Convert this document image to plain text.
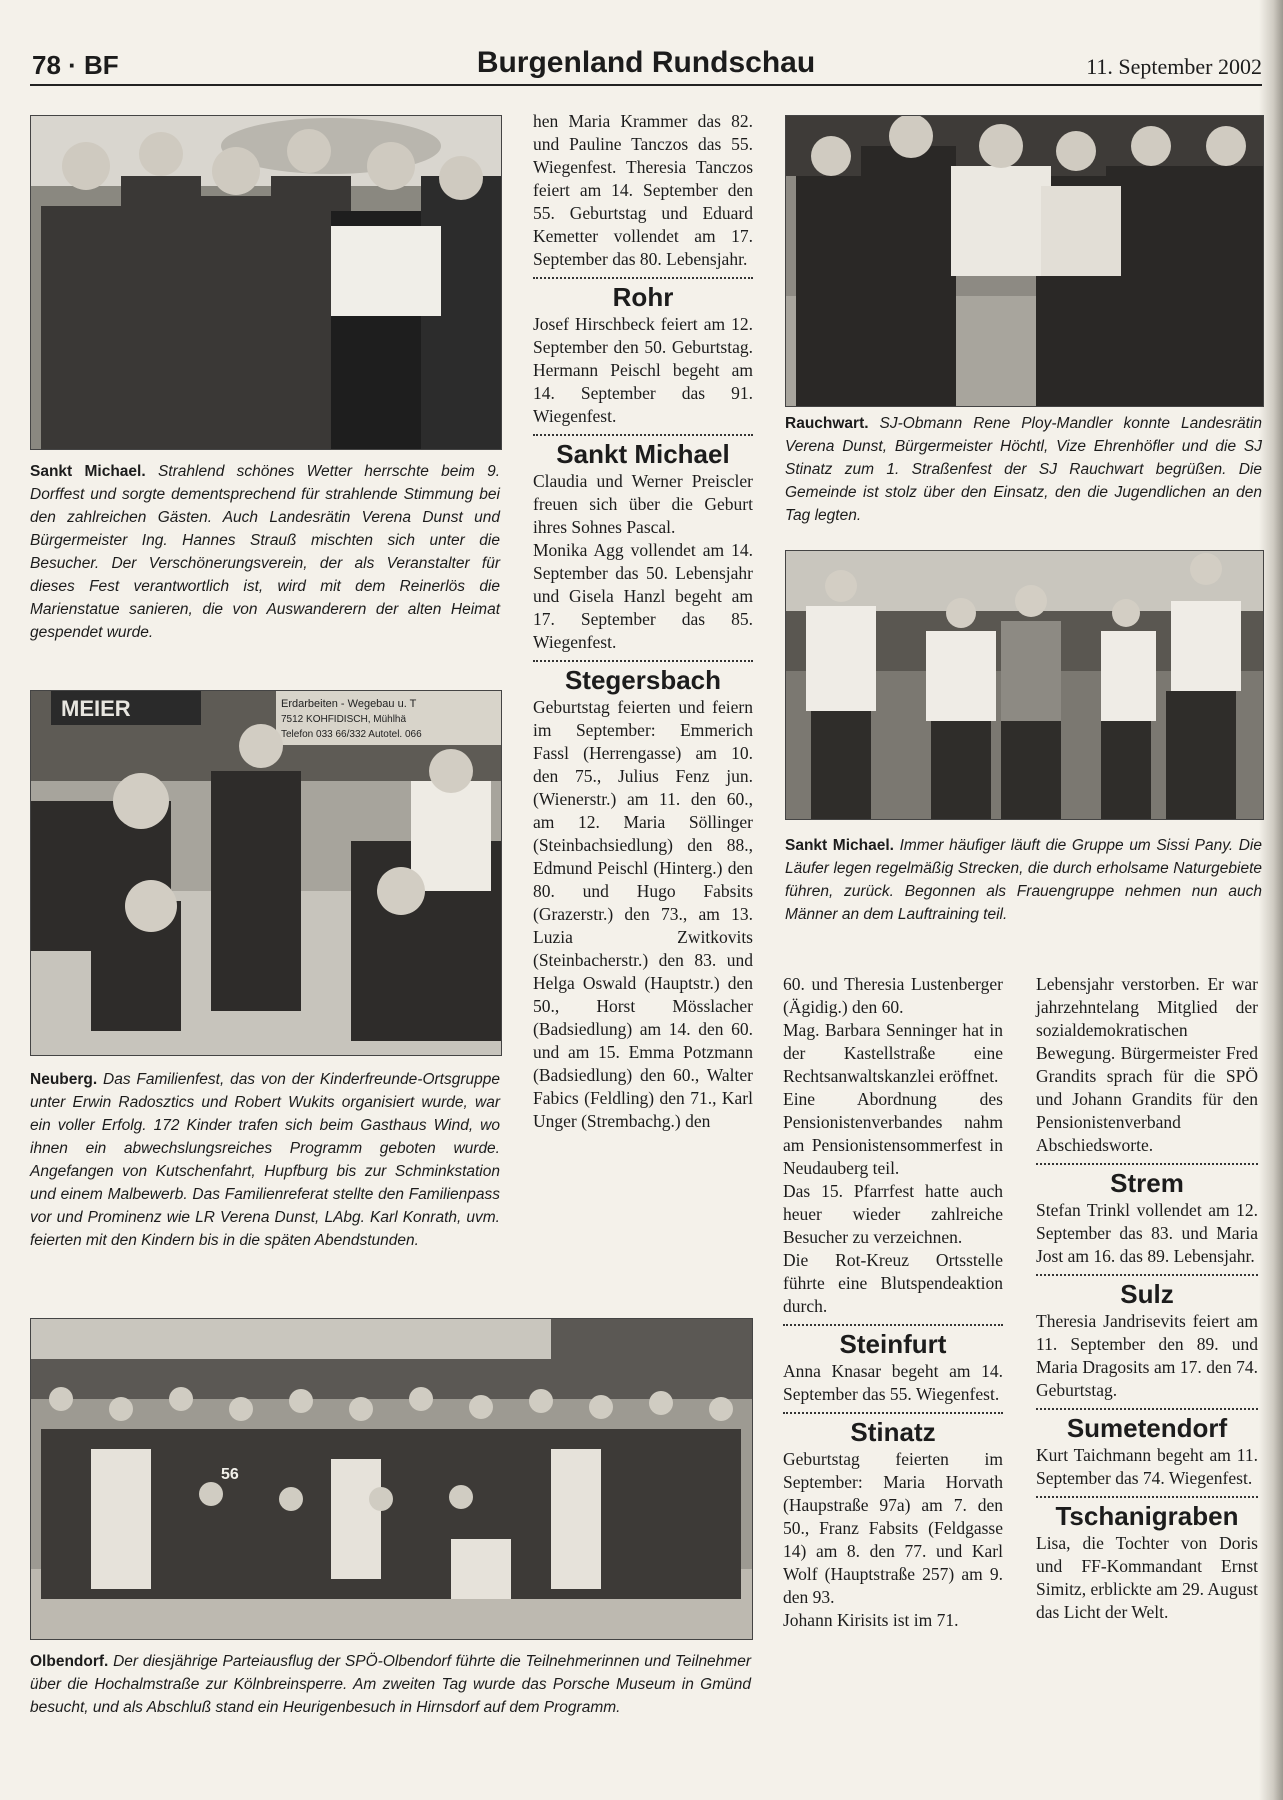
78 · BF	Burgenland Rundschau	11. September 2002
Sankt Michael. Strahlend schönes Wetter herrschte beim 9. Dorffest und sorgte dementsprechend für strahlende Stimmung bei den zahlreichen Gästen. Auch Landesrätin Verena Dunst und Bürgermeister Ing. Hannes Strauß mischten sich unter die Besucher. Der Verschönerungsverein, der als Veranstalter für dieses Fest verantwortlich ist, wird mit dem Reinerlös die Marienstatue sanieren, die von Auswanderern der alten Heimat gespendet wurde.
MEIER	Erdarbeiten - Wegebau u. T
7512 KOHFIDISCH, Mühlhä
Telefon 033 66/332 Autotel. 066
Neuberg. Das Familienfest, das von der Kinderfreunde-Ortsgruppe unter Erwin Radosztics und Robert Wukits organisiert wurde, war ein voller Erfolg. 172 Kinder trafen sich beim Gasthaus Wind, wo ihnen ein abwechslungsreiches Programm geboten wurde. Angefangen von Kutschenfahrt, Hupfburg bis zur Schminkstation und einem Malbewerb. Das Familienreferat stellte den Familienpass vor und Prominenz wie LR Verena Dunst, LAbg. Karl Konrath, uvm. feierten mit den Kindern bis in die späten Abendstunden.
56
Olbendorf. Der diesjährige Parteiausflug der SPÖ-Olbendorf führte die Teilnehmerinnen und Teilnehmer über die Hochalmstraße zur Kölnbreinsperre. Am zweiten Tag wurde das Porsche Museum in Gmünd besucht, und als Abschluß stand ein Heurigenbesuch in Hirnsdorf auf dem Programm.
Rauchwart. SJ-Obmann Rene Ploy-Mandler konnte Landesrätin Verena Dunst, Bürgermeister Höchtl, Vize Ehrenhöfler und die SJ Stinatz zum 1. Straßenfest der SJ Rauchwart begrüßen. Die Gemeinde ist stolz über den Einsatz, den die Jugendlichen an den Tag legten.
Sankt Michael. Immer häufiger läuft die Gruppe um Sissi Pany. Die Läufer legen regelmäßig Strecken, die durch erholsame Naturgebiete führen, zurück. Begonnen als Frauengruppe nehmen nun auch Männer an dem Lauftraining teil.

hen Maria Krammer das 82. und Pauline Tanczos das 55. Wiegenfest. Theresia Tanczos feiert am 14. September den 55. Geburtstag und Eduard Kemetter vollendet am 17. September das 80. Lebensjahr.

Rohr

Josef Hirschbeck feiert am 12. September den 50. Geburtstag. Hermann Peischl begeht am 14. September das 91. Wiegenfest.

Sankt Michael

Claudia und Werner Preiscler freuen sich über die Geburt ihres Sohnes Pascal.

Monika Agg vollendet am 14. September das 50. Lebensjahr und Gisela Hanzl begeht am 17. September das 85. Wiegenfest.

Stegersbach

Geburtstag feierten und feiern im September: Emmerich Fassl (Herrengasse) am 10. den 75., Julius Fenz jun. (Wienerstr.) am 11. den 60., am 12. Maria Söllinger (Steinbachsiedlung) den 88., Edmund Peischl (Hinterg.) den 80. und Hugo Fabsits (Grazerstr.) den 73., am 13. Luzia Zwitkovits (Steinbacherstr.) den 83. und Helga Oswald (Hauptstr.) den 50., Horst Mösslacher (Badsiedlung) am 14. den 60. und am 15. Emma Potzmann (Badsiedlung) den 60., Walter Fabics (Feldling) den 71., Karl Unger (Strembachg.) den

60. und Theresia Lustenberger (Ägidig.) den 60.

Mag. Barbara Senninger hat in der Kastellstraße eine Rechtsanwaltskanzlei eröffnet.

Eine Abordnung des Pensionistenverbandes nahm am Pensionistensommerfest in Neudauberg teil.

Das 15. Pfarrfest hatte auch heuer wieder zahlreiche Besucher zu verzeichnen.

Die Rot-Kreuz Ortsstelle führte eine Blutspendeaktion durch.

Steinfurt

Anna Knasar begeht am 14. September das 55. Wiegenfest.

Stinatz

Geburtstag feierten im September: Maria Horvath (Haupstraße 97a) am 7. den 50., Franz Fabsits (Feldgasse 14) am 8. den 77. und Karl Wolf (Hauptstraße 257) am 9. den 93.

Johann Kirisits ist im 71.

Lebensjahr verstorben. Er war jahrzehntelang Mitglied der sozialdemokratischen Bewegung. Bürgermeister Fred Grandits sprach für die SPÖ und Johann Grandits für den Pensionistenverband Abschiedsworte.

Strem

Stefan Trinkl vollendet am 12. September das 83. und Maria Jost am 16. das 89. Lebensjahr.

Sulz

Theresia Jandrisevits feiert am 11. September den 89. und Maria Dragosits am 17. den 74. Geburtstag.

Sumetendorf

Kurt Taichmann begeht am 11. September das 74. Wiegenfest.

Tschanigraben

Lisa, die Tochter von Doris und FF-Kommandant Ernst Simitz, erblickte am 29. August das Licht der Welt.
